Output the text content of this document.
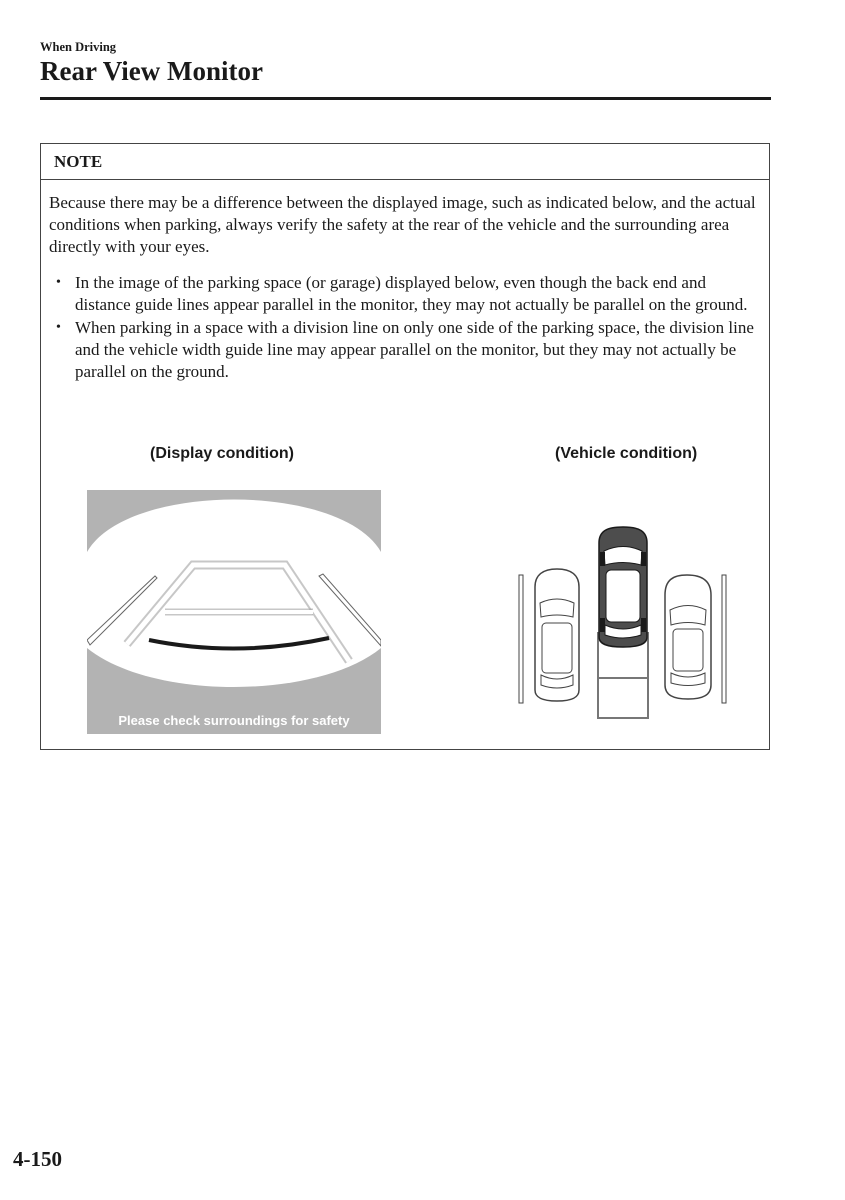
When Driving
Rear View Monitor
NOTE

Because there may be a difference between the displayed image, such as indicated below, and the actual conditions when parking, always verify the safety at the rear of the vehicle and the surrounding area directly with your eyes.

• In the image of the parking space (or garage) displayed below, even though the back end and distance guide lines appear parallel in the monitor, they may not actually be parallel on the ground.
• When parking in a space with a division line on only one side of the parking space, the division line and the vehicle width guide line may appear parallel on the monitor, but they may not actually be parallel on the ground.
(Display condition)	(Vehicle condition)
Please check surroundings for safety
4-150
